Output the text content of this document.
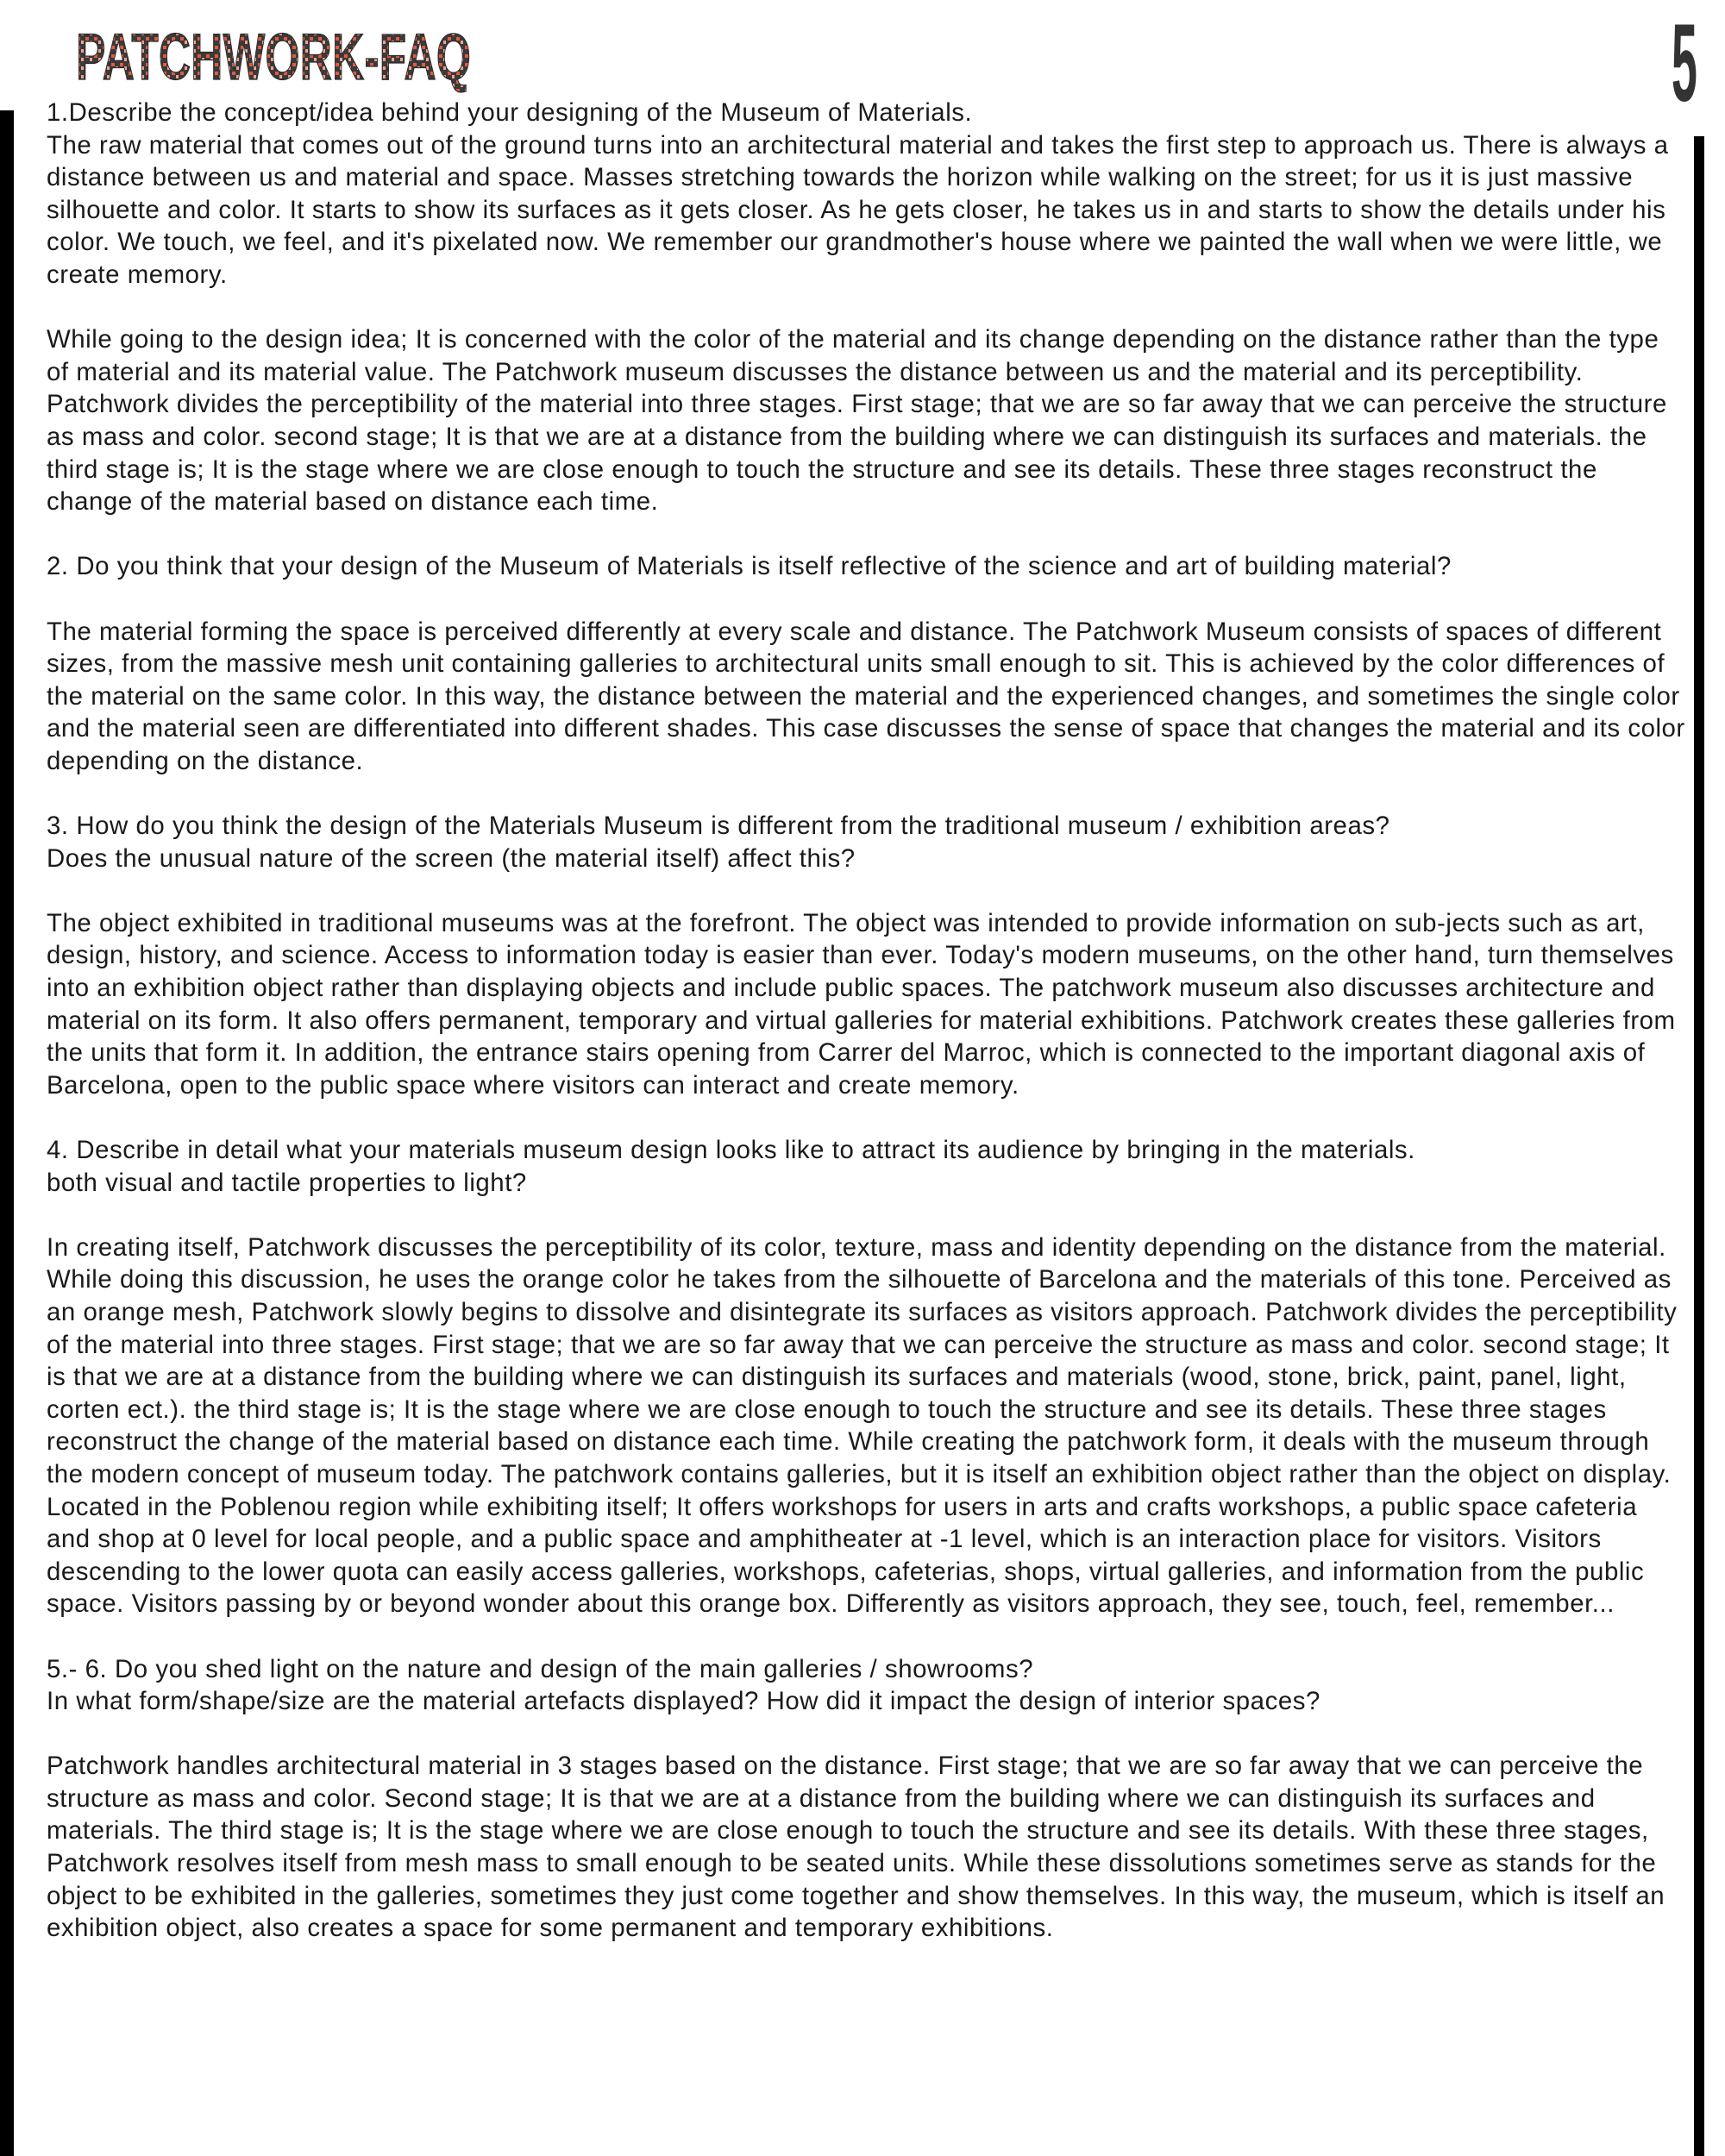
PATCHWORK-FAQ	5

1.Describe the concept/idea behind your designing of the Museum of Materials.

The raw material that comes out of the ground turns into an architectural material and takes the first step to approach us. There is always a distance between us and material and space. Masses stretching towards the horizon while walking on the street; for us it is just massive silhouette and color. It starts to show its surfaces as it gets closer. As he gets closer, he takes us in and starts to show the details under his color. We touch, we feel, and it's pixelated now. We remember our grandmother's house where we painted the wall when we were little, we create memory.

While going to the design idea; It is concerned with the color of the material and its change depending on the distance rather than the type of material and its material value. The Patchwork museum discusses the distance between us and the material and its perceptibility. Patchwork divides the perceptibility of the material into three stages. First stage; that we are so far away that we can perceive the structure as mass and color. second stage; It is that we are at a distance from the building where we can distinguish its surfaces and materials. the third stage is; It is the stage where we are close enough to touch the structure and see its details. These three stages reconstruct the change of the material based on distance each time.

2. Do you think that your design of the Museum of Materials is itself reflective of the science and art of building material?

The material forming the space is perceived differently at every scale and distance. The Patchwork Museum consists of spaces of different sizes, from the massive mesh unit containing galleries to architectural units small enough to sit. This is achieved by the color differences of the material on the same color. In this way, the distance between the material and the experienced changes, and sometimes the single color and the material seen are differentiated into different shades. This case discusses the sense of space that changes the material and its color depending on the distance.

3. How do you think the design of the Materials Museum is different from the traditional museum / exhibition areas?
Does the unusual nature of the screen (the material itself) affect this?

The object exhibited in traditional museums was at the forefront. The object was intended to provide information on sub-jects such as art, design, history, and science. Access to information today is easier than ever. Today's modern museums, on the other hand, turn themselves into an exhibition object rather than displaying objects and include public spaces. The patchwork museum also discusses architecture and material on its form. It also offers permanent, temporary and virtual galleries for material exhibitions. Patchwork creates these galleries from the units that form it. In addition, the entrance stairs opening from Carrer del Marroc, which is connected to the important diagonal axis of Barcelona, open to the public space where visitors can interact and create memory.

4. Describe in detail what your materials museum design looks like to attract its audience by bringing in the materials.
both visual and tactile properties to light?

In creating itself, Patchwork discusses the perceptibility of its color, texture, mass and identity depending on the distance from the material. While doing this discussion, he uses the orange color he takes from the silhouette of Barcelona and the materials of this tone. Perceived as an orange mesh, Patchwork slowly begins to dissolve and disintegrate its surfaces as visitors approach. Patchwork divides the perceptibility of the material into three stages. First stage; that we are so far away that we can perceive the structure as mass and color. second stage; It is that we are at a distance from the building where we can distinguish its surfaces and materials (wood, stone, brick, paint, panel, light, corten ect.). the third stage is; It is the stage where we are close enough to touch the structure and see its details. These three stages reconstruct the change of the material based on distance each time. While creating the patchwork form, it deals with the museum through the modern concept of museum today. The patchwork contains galleries, but it is itself an exhibition object rather than the object on display. Located in the Poblenou region while exhibiting itself; It offers workshops for users in arts and crafts workshops, a public space cafeteria and shop at 0 level for local people, and a public space and amphitheater at -1 level, which is an interaction place for visitors. Visitors descending to the lower quota can easily access galleries, workshops, cafeterias, shops, virtual galleries, and information from the public space. Visitors passing by or beyond wonder about this orange box. Differently as visitors approach, they see, touch, feel, remember...

5.- 6. Do you shed light on the nature and design of the main galleries / showrooms?
In what form/shape/size are the material artefacts displayed? How did it impact the design of interior spaces?

Patchwork handles architectural material in 3 stages based on the distance. First stage; that we are so far away that we can perceive the structure as mass and color. Second stage; It is that we are at a distance from the building where we can distinguish its surfaces and materials. The third stage is; It is the stage where we are close enough to touch the structure and see its details. With these three stages, Patchwork resolves itself from mesh mass to small enough to be seated units. While these dissolutions sometimes serve as stands for the object to be exhibited in the galleries, sometimes they just come together and show themselves. In this way, the museum, which is itself an exhibition object, also creates a space for some permanent and temporary exhibitions.
